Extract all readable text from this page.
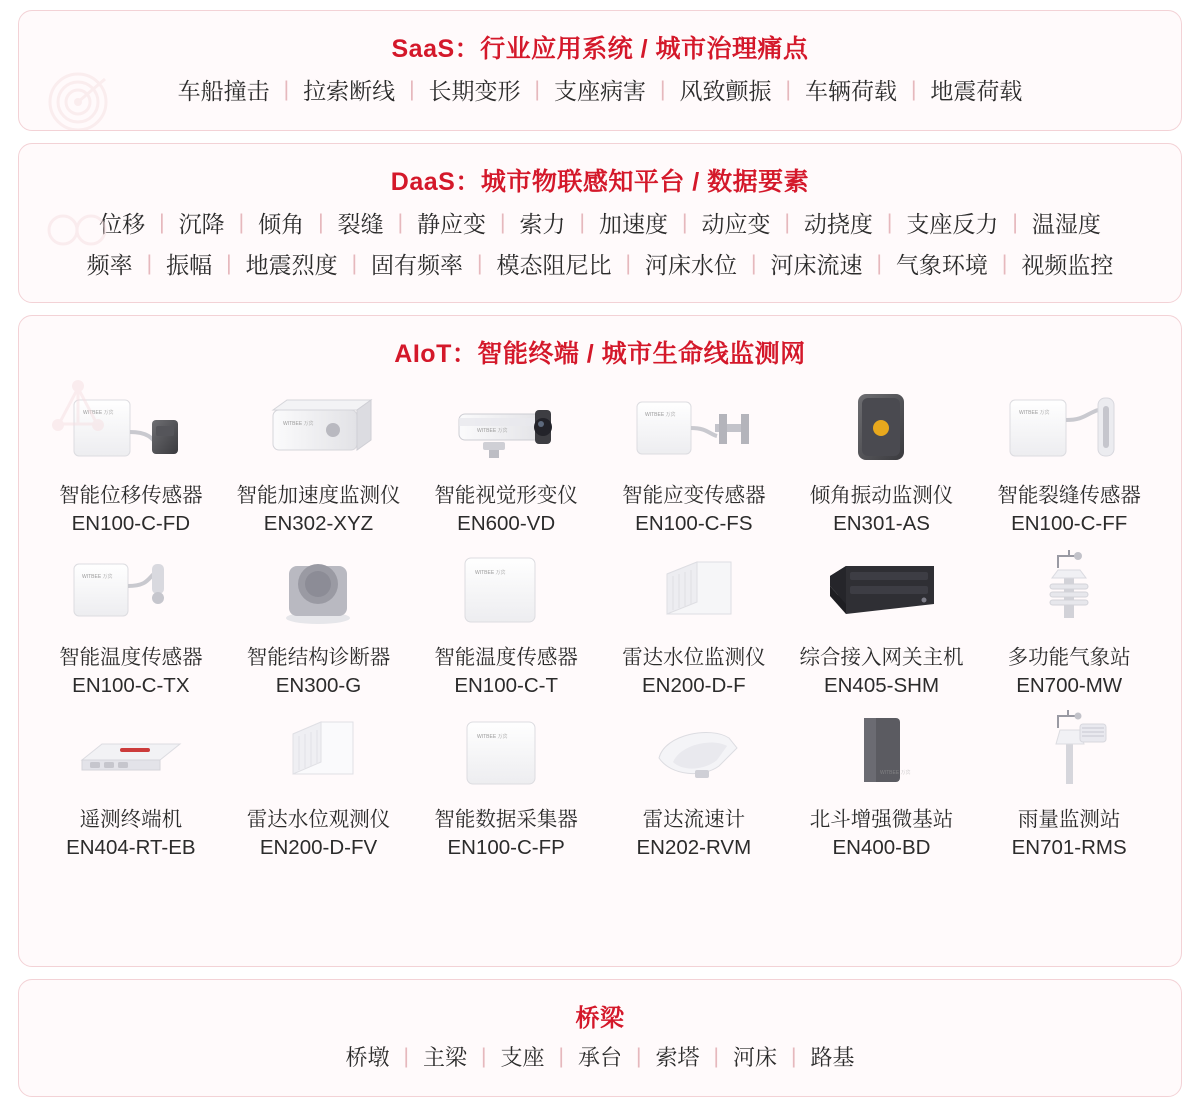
SaaS：行业应用系统 / 城市治理痛点
车船撞击 | 拉索断线 | 长期变形 | 支座病害 | 风致颤振 | 车辆荷载 | 地震荷载
DaaS：城市物联感知平台 / 数据要素
位移 | 沉降 | 倾角 | 裂缝 | 静应变 | 索力 | 加速度 | 动应变 | 动挠度 | 支座反力 | 温湿度
频率 | 振幅 | 地震烈度 | 固有频率 | 模态阻尼比 | 河床水位 | 河床流速 | 气象环境 | 视频监控
AIoT：智能终端 / 城市生命线监测网
WITBEE 万宾
智能位移传感器
EN100-C-FD
WITBEE 万宾
智能加速度监测仪
EN302-XYZ
WITBEE 万宾
智能视觉形变仪
EN600-VD
WITBEE 万宾
智能应变传感器
EN100-C-FS
倾角振动监测仪
EN301-AS
WITBEE 万宾
智能裂缝传感器
EN100-C-FF
WITBEE 万宾
智能温度传感器
EN100-C-TX
智能结构诊断器
EN300-G
WITBEE 万宾
智能温度传感器
EN100-C-T
雷达水位监测仪
EN200-D-F
综合接入网关主机
EN405-SHM
多功能气象站
EN700-MW
遥测终端机
EN404-RT-EB
雷达水位观测仪
EN200-D-FV
WITBEE 万宾
智能数据采集器
EN100-C-FP
雷达流速计
EN202-RVM
WITBEE 万宾
北斗增强微基站
EN400-BD
雨量监测站
EN701-RMS
桥梁
桥墩 | 主梁 | 支座 | 承台 | 索塔 | 河床 | 路基
